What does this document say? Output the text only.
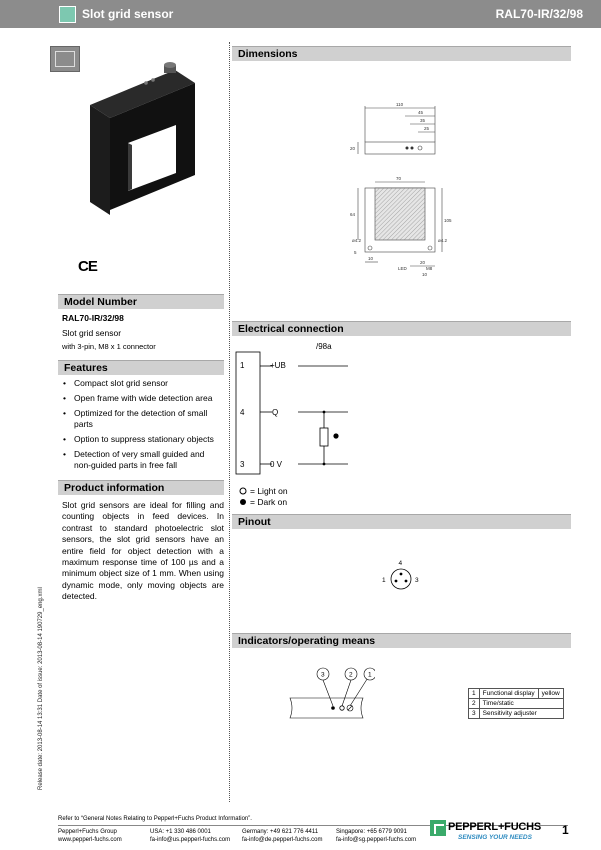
Slot grid sensor	RAL70-IR/32/98
CE
Model Number
RAL70-IR/32/98
Slot grid sensor
with 3-pin, M8 x 1 connector
Features
• Compact slot grid sensor
• Open frame with wide detection area
• Optimized for the detection of small parts
• Option to suppress stationary objects
• Detection of very small guided and non-guided parts in free fall
Product information
Slot grid sensors are ideal for filling and counting objects in feed devices. In contrast to standard photoelectric slot sensors, the slot grid sensors have an entire field for object detection with a maximum response time of 100 µs and a minimum object size of 1 mm. When using dynamic mode, only moving objects are detected.
Release date: 2013-08-14 13:31 Date of issue: 2013-08-14 190729_eng.xml
Dimensions
110
45
35
25
20
70
64
105
ø4.2	ø4.2
10
5
20
LED	M8
10
Electrical connection
/98a
1
4
3
+UB
Q
0 V
= Light on
= Dark on
Pinout
4
1	3
Indicators/operating means
3	2 1
1	Functional display	yellow
2	Time/static	
3	Sensitivity adjuster	
Refer to “General Notes Relating to Pepperl+Fuchs Product Information”.
Pepperl+Fuchs Group
www.pepperl-fuchs.com
USA: +1 330 486 0001
fa-info@us.pepperl-fuchs.com
Germany: +49 621 776 4411
fa-info@de.pepperl-fuchs.com
Singapore: +65 6779 9091
fa-info@sg.pepperl-fuchs.com
PEPPERL+FUCHS
SENSING YOUR NEEDS
1
